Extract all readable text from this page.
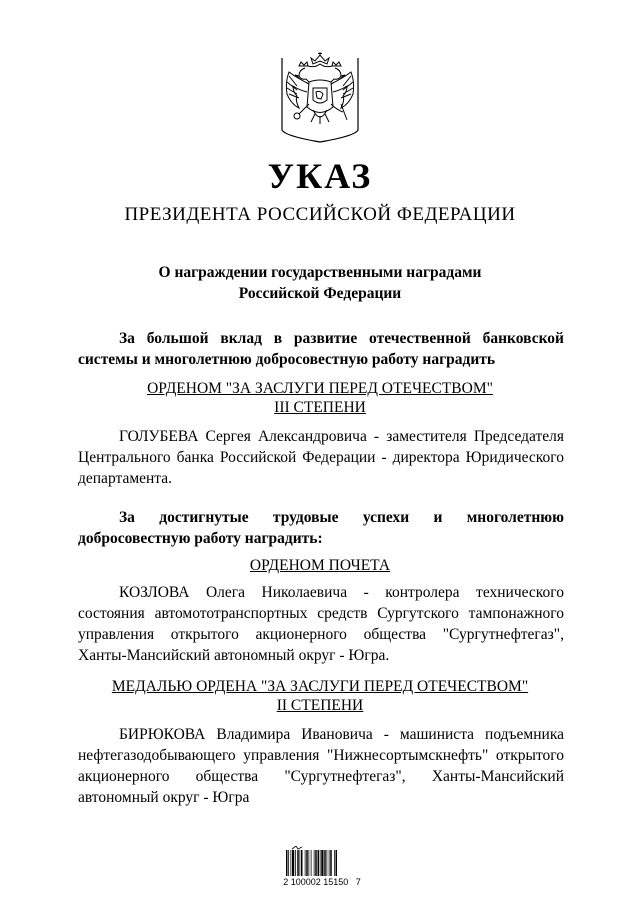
УКАЗ
ПРЕЗИДЕНТА РОССИЙСКОЙ ФЕДЕРАЦИИ
О награждении государственными наградами
Российской Федерации
За большой вклад в развитие отечественной банковской системы и многолетнюю добросовестную работу наградить
ОРДЕНОМ "ЗА ЗАСЛУГИ ПЕРЕД ОТЕЧЕСТВОМ"
III СТЕПЕНИ
ГОЛУБЕВА Сергея Александровича - заместителя Председателя Центрального банка Российской Федерации - директора Юридического департамента.
За достигнутые трудовые успехи и многолетнюю добросовестную работу наградить:
ОРДЕНОМ ПОЧЕТА
КОЗЛОВА Олега Николаевича - контролера технического состояния автомототранспортных средств Сургутского тампонажного управления открытого акционерного общества "Сургутнефтегаз", Ханты-Мансийский автономный округ - Югра.
МЕДАЛЬЮ ОРДЕНА "ЗА ЗАСЛУГИ ПЕРЕД ОТЕЧЕСТВОМ"
II СТЕПЕНИ
БИРЮКОВА Владимира Ивановича - машиниста подъемника нефтегазодобывающего управления "Нижнесортымскнефть" открытого акционерного общества "Сургутнефтегаз", Ханты-Мансийский автономный округ - Югра
2 100002 15150   7
